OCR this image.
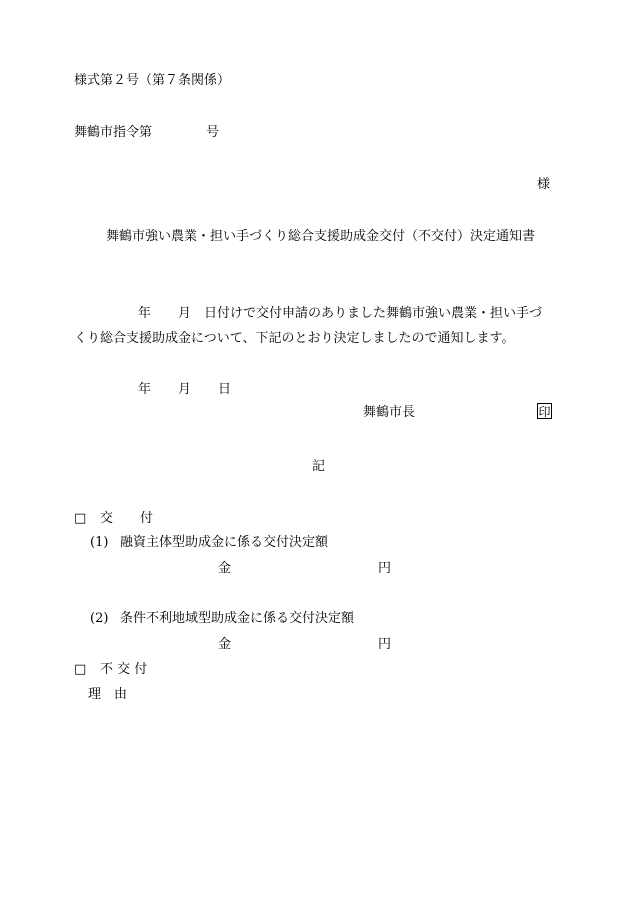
様式第２号（第７条関係）
舞鶴市指令第	号
様
舞鶴市強い農業・担い手づくり総合支援助成金交付（不交付）決定通知書
年 月 日付けで交付申請のありました舞鶴市強い農業・担い手づ
くり総合支援助成金について、下記のとおり決定しましたので通知します。
年 月 日
舞鶴市長	印
記
□ 交 付
(1) 融資主体型助成金に係る交付決定額
金	円
(2) 条件不利地域型助成金に係る交付決定額
金	円
□ 不 交 付
理 由
